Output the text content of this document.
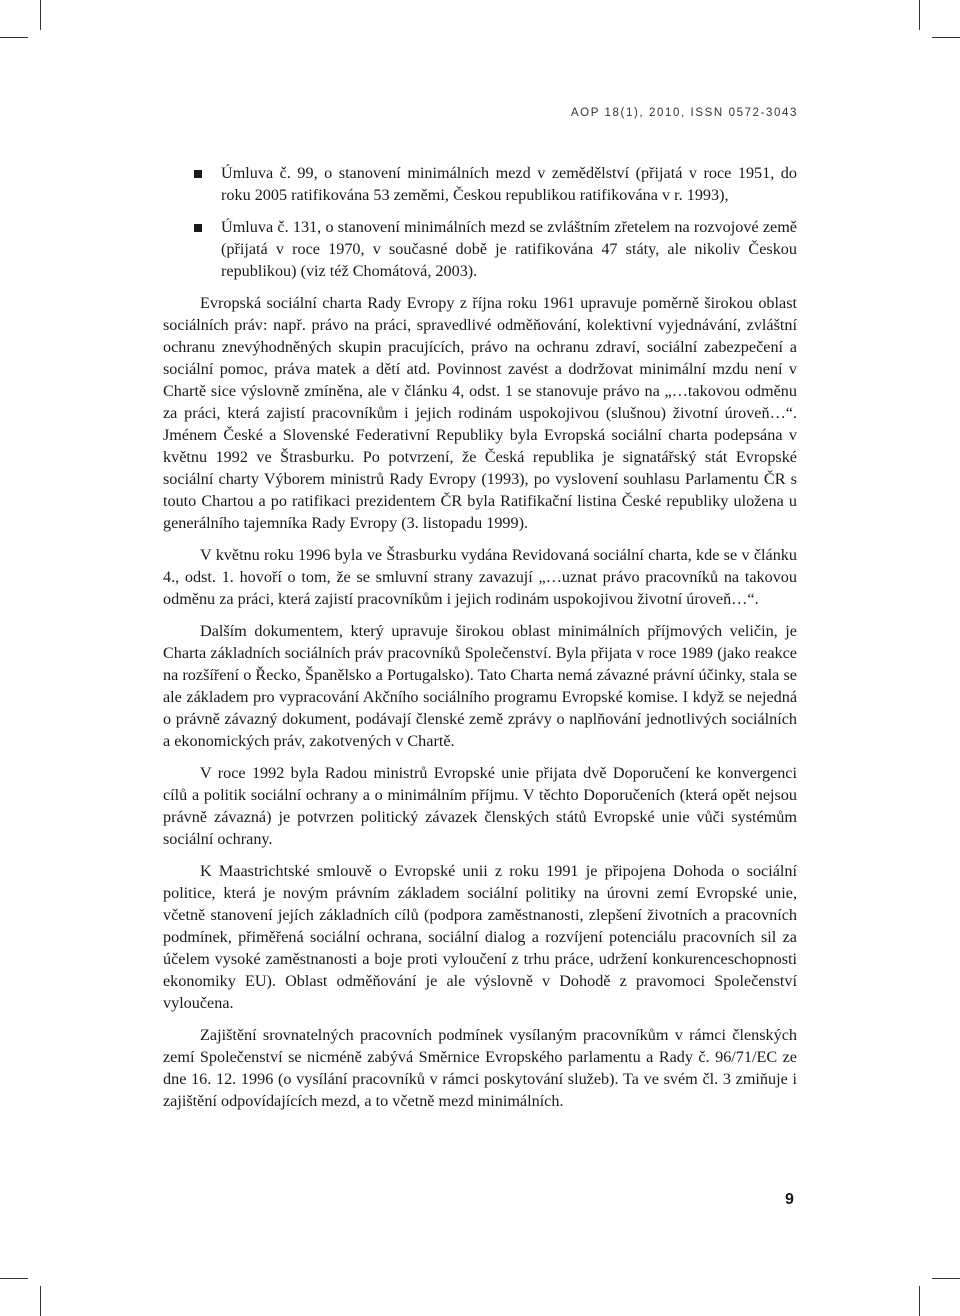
AOP 18(1), 2010, ISSN 0572-3043
Úmluva č. 99, o stanovení minimálních mezd v zemědělství (přijatá v roce 1951, do roku 2005 ratifikována 53 zeměmi, Českou republikou ratifikována v r. 1993),
Úmluva č. 131, o stanovení minimálních mezd se zvláštním zřetelem na rozvojové země (přijatá v roce 1970, v současné době je ratifikována 47 státy, ale nikoliv Českou republikou) (viz též Chomátová, 2003).

Evropská sociální charta Rady Evropy z října roku 1961 upravuje poměrně širokou oblast sociálních práv: např. právo na práci, spravedlivé odměňování, kolektivní vyjednávání, zvláštní ochranu znevýhodněných skupin pracujících, právo na ochranu zdraví, sociální zabezpečení a sociální pomoc, práva matek a dětí atd. Povinnost zavést a dodržovat minimální mzdu není v Chartě sice výslovně zmíněna, ale v článku 4, odst. 1 se stanovuje právo na „…takovou odměnu za práci, která zajistí pracovníkům i jejich rodinám uspokojivou (slušnou) životní úroveň…“. Jménem České a Slovenské Federativní Republiky byla Evropská sociální charta podepsána v květnu 1992 ve Štrasburku. Po potvrzení, že Česká republika je signatářský stát Evropské sociální charty Výborem ministrů Rady Evropy (1993), po vyslovení souhlasu Parlamentu ČR s touto Chartou a po ratifikaci prezidentem ČR byla Ratifikační listina České republiky uložena u generálního tajemníka Rady Evropy (3. listopadu 1999).

V květnu roku 1996 byla ve Štrasburku vydána Revidovaná sociální charta, kde se v článku 4., odst. 1. hovoří o tom, že se smluvní strany zavazují „…uznat právo pracovníků na takovou odměnu za práci, která zajistí pracovníkům i jejich rodinám uspokojivou životní úroveň…“.

Dalším dokumentem, který upravuje širokou oblast minimálních příjmových veličin, je Charta základních sociálních práv pracovníků Společenství. Byla přijata v roce 1989 (jako reakce na rozšíření o Řecko, Španělsko a Portugalsko). Tato Charta nemá závazné právní účinky, stala se ale základem pro vypracování Akčního sociálního programu Evropské komise. I když se nejedná o právně závazný dokument, podávají členské země zprávy o naplňování jednotlivých sociálních a ekonomických práv, zakotvených v Chartě.

V roce 1992 byla Radou ministrů Evropské unie přijata dvě Doporučení ke konvergenci cílů a politik sociální ochrany a o minimálním příjmu. V těchto Doporučeních (která opět nejsou právně závazná) je potvrzen politický závazek členských států Evropské unie vůči systémům sociální ochrany.

K Maastrichtské smlouvě o Evropské unii z roku 1991 je připojena Dohoda o sociální politice, která je novým právním základem sociální politiky na úrovni zemí Evropské unie, včetně stanovení jejích základních cílů (podpora zaměstnanosti, zlepšení životních a pracovních podmínek, přiměřená sociální ochrana, sociální dialog a rozvíjení potenciálu pracovních sil za účelem vysoké zaměstnanosti a boje proti vyloučení z trhu práce, udržení konkurenceschopnosti ekonomiky EU). Oblast odměňování je ale výslovně v Dohodě z pravomoci Společenství vyloučena.

Zajištění srovnatelných pracovních podmínek vysílaným pracovníkům v rámci členských zemí Společenství se nicméně zabývá Směrnice Evropského parlamentu a Rady č. 96/71/EC ze dne 16. 12. 1996 (o vysílání pracovníků v rámci poskytování služeb). Ta ve svém čl. 3 zmiňuje i zajištění odpovídajících mezd, a to včetně mezd minimálních.

9
